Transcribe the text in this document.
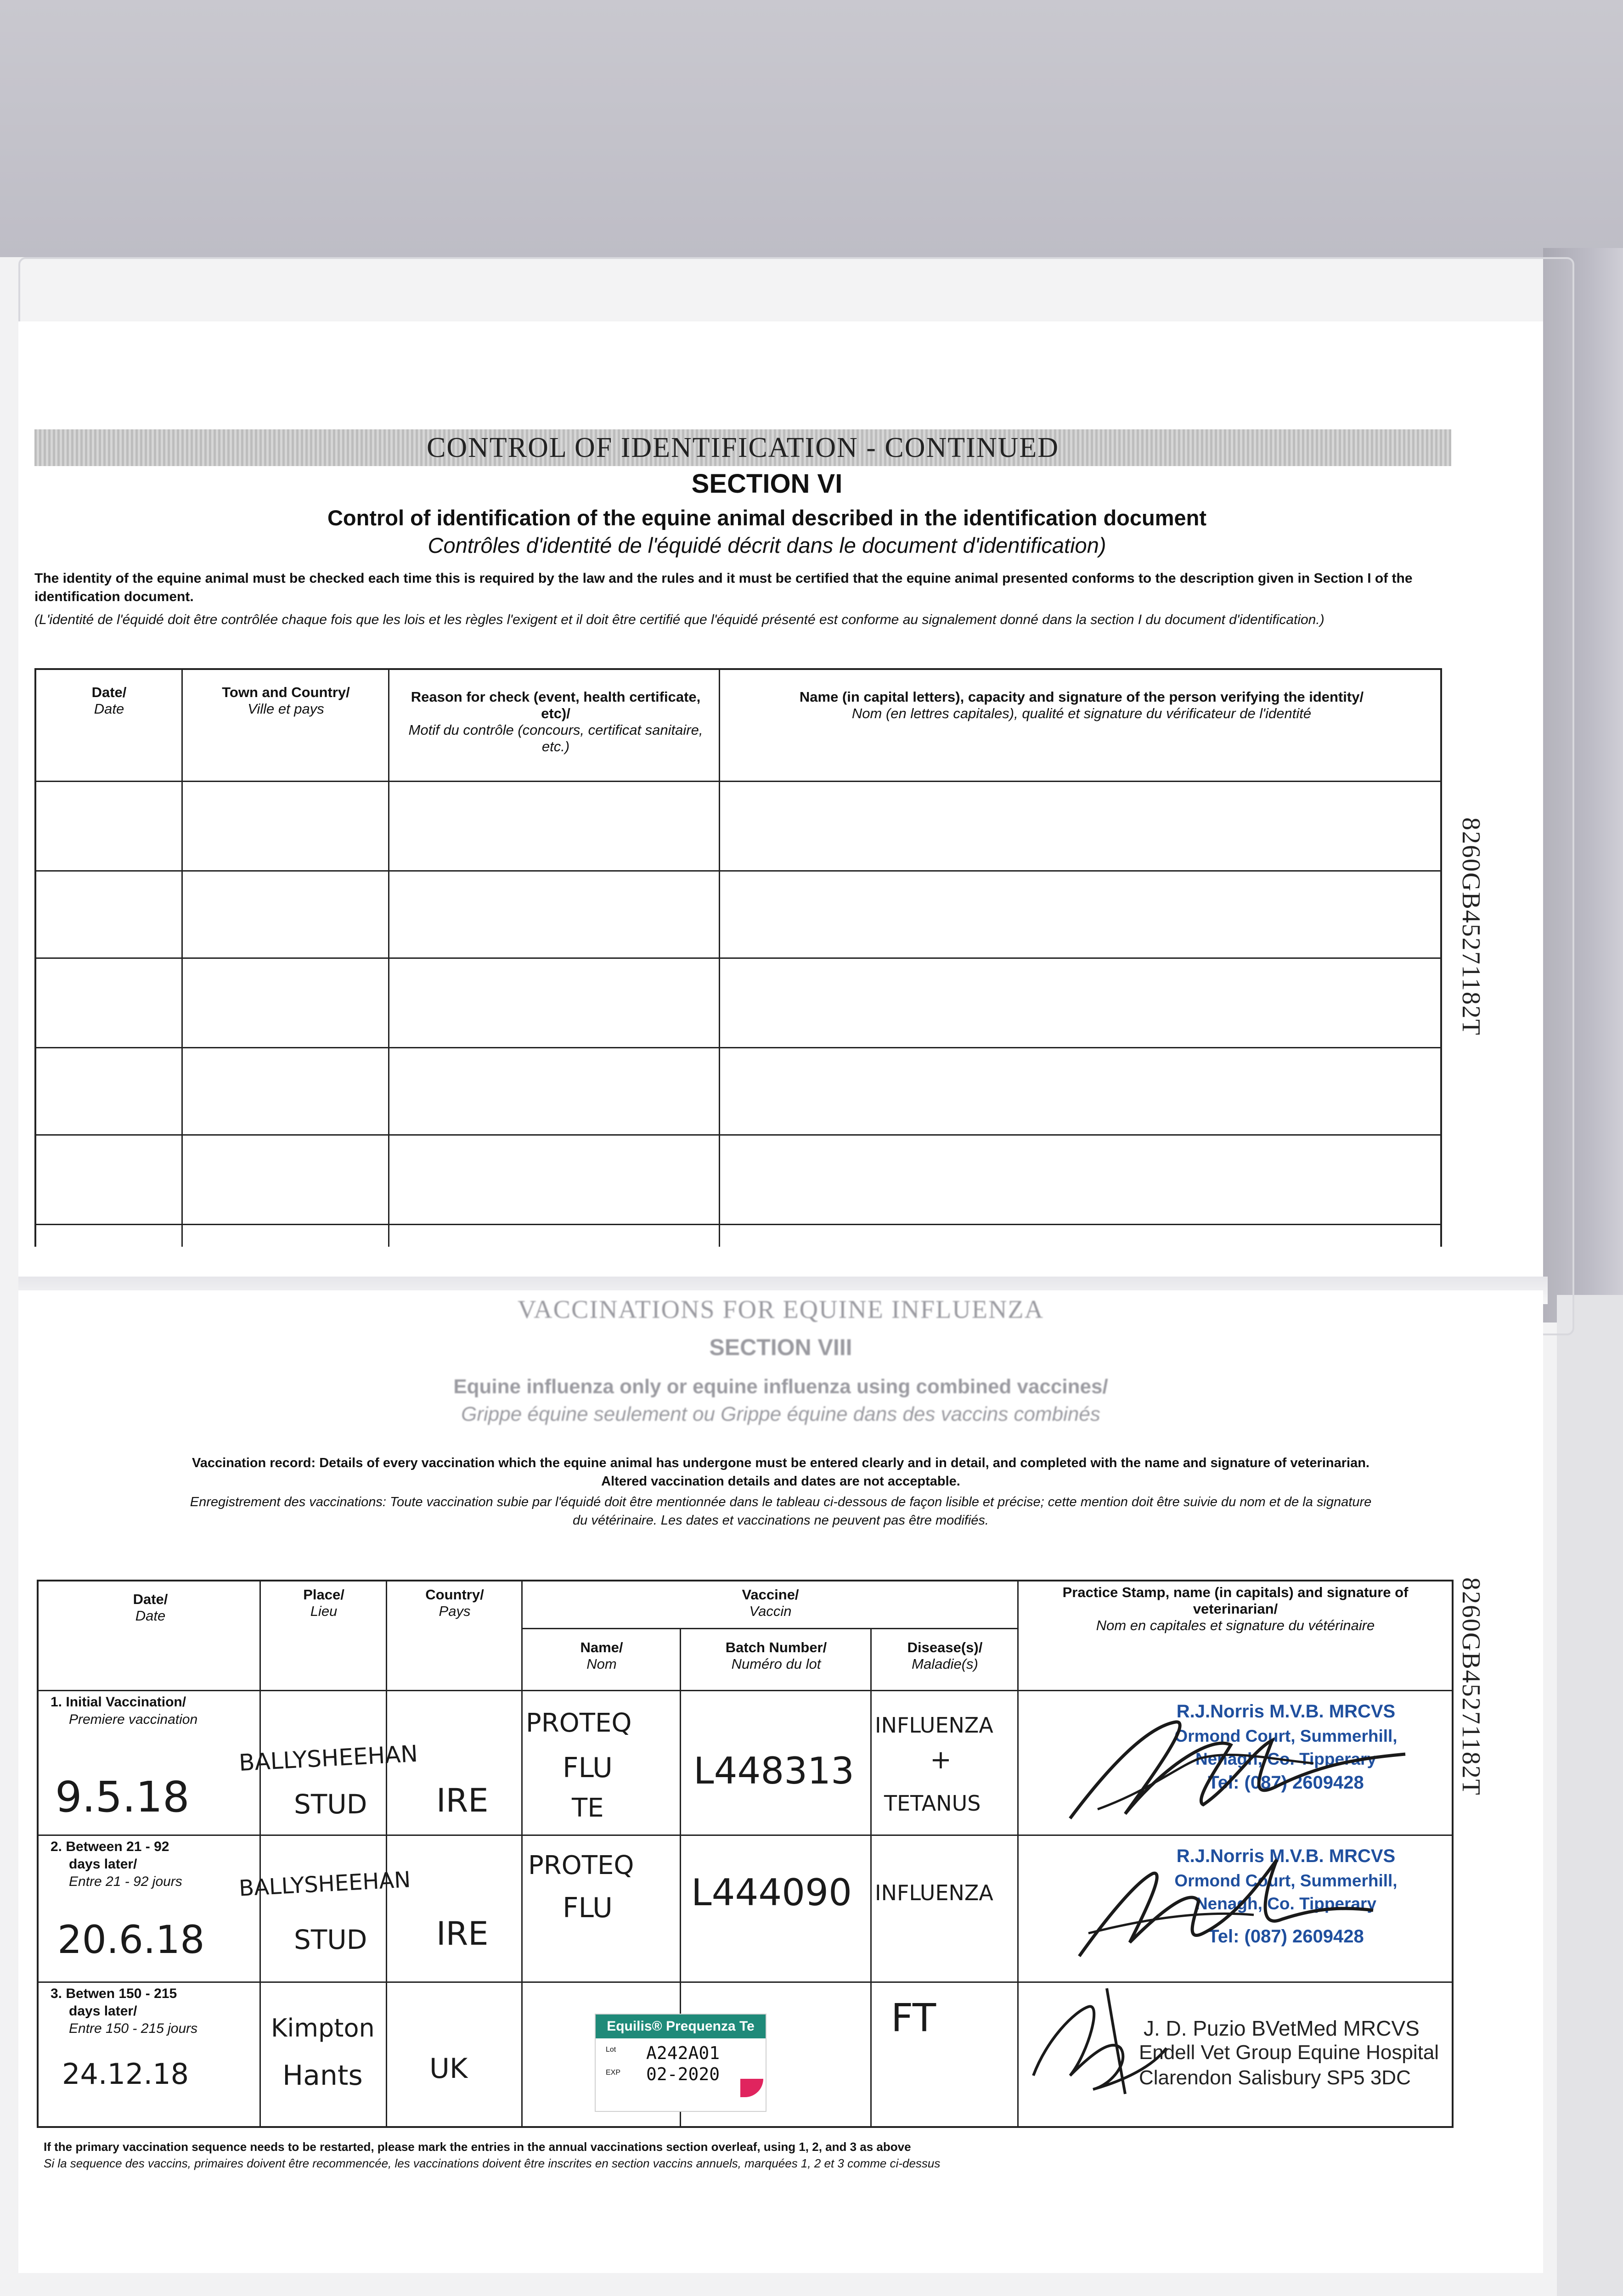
CONTROL OF IDENTIFICATION - CONTINUED
SECTION VI
Control of identification of the equine animal described in the identification document
Contrôles d'identité de l'équidé décrit dans le document d'identification)
The identity of the equine animal must be checked each time this is required by the law and the rules and it must be certified that the equine animal presented conforms to the description given in Section I of the identification document.
(L'identité de l'équidé doit être contrôlée chaque fois que les lois et les règles l'exigent et il doit être certifié que l'équidé présenté est conforme au signalement donné dans la section I du document d'identification.)
Date/
Date
Town and Country/
Ville et pays
Reason for check (event, health certificate, etc)/
Motif du contrôle (concours, certificat sanitaire, etc.)
Name (in capital letters), capacity and signature of the person verifying the identity/
Nom (en lettres capitales), qualité et signature du vérificateur de l'identité
8260GB45271182T
VACCINATIONS FOR EQUINE INFLUENZA
SECTION VIII
Equine influenza only or equine influenza using combined vaccines/
Grippe équine seulement ou Grippe équine dans des vaccins combinés
Vaccination record: Details of every vaccination which the equine animal has undergone must be entered clearly and in detail, and completed with the name and signature of veterinarian.
Altered vaccination details and dates are not acceptable.
Enregistrement des vaccinations: Toute vaccination subie par l'équidé doit être mentionnée dans le tableau ci-dessous de façon lisible et précise; cette mention doit être suivie du nom et de la signature
du vétérinaire. Les dates et vaccinations ne peuvent pas être modifiés.
Date/
Date
Place/
Lieu
Country/
Pays
Vaccine/
Vaccin
Name/
Nom
Batch Number/
Numéro du lot
Disease(s)/
Maladie(s)
Practice Stamp, name (in capitals) and signature of veterinarian/
Nom en capitales et signature du vétérinaire
1. Initial Vaccination/
Premiere vaccination
9.5.18
BALLYSHEEHAN
STUD IRE
PROTEQ
FLU
TE
L448313
INFLUENZA
+
TETANUS
R.J.Norris M.V.B. MRCVS
Ormond Court, Summerhill,
Nenagh, Co. Tipperary
Tel: (087) 2609428
2. Between 21 - 92
days later/
Entre 21 - 92 jours
20.6.18
BALLYSHEEHAN
STUD IRE
PROTEQ
FLU L444090 INFLUENZA
R.J.Norris M.V.B. MRCVS
Ormond Court, Summerhill,
Nenagh, Co. Tipperary
Tel: (087) 2609428
3. Betwen 150 - 215
days later/
Entre 150 - 215 jours
24.12.18
Kimpton
Hants UK
Equilis® Prequenza Te
Lot A242A01
EXP 02-2020
FT	J. D. Puzio BVetMed MRCVS
Endell Vet Group Equine Hospital
Clarendon Salisbury SP5 3DC
If the primary vaccination sequence needs to be restarted, please mark the entries in the annual vaccinations section overleaf, using 1, 2, and 3 as above
Si la sequence des vaccins, primaires doivent être recommencée, les vaccinations doivent être inscrites en section vaccins annuels, marquées 1, 2 et 3 comme ci-dessus
8260GB45271182T
